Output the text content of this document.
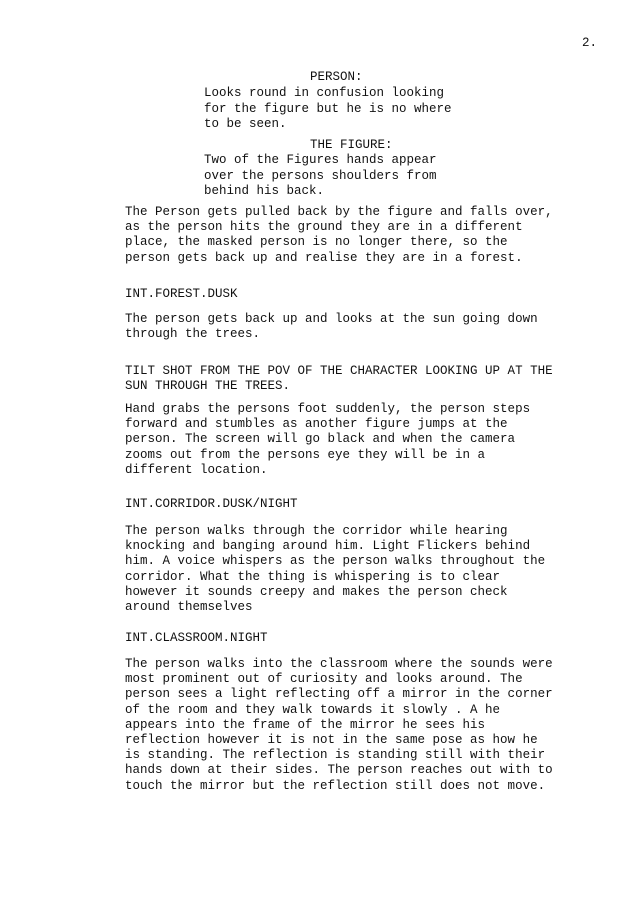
2.
PERSON:
Looks round in confusion looking
for the figure but he is no where
to be seen.
THE FIGURE:
Two of the Figures hands appear
over the persons shoulders from
behind his back.
The Person gets pulled back by the figure and falls over,
as the person hits the ground they are in a different
place, the masked person is no longer there, so the
person gets back up and realise they are in a forest.
INT.FOREST.DUSK
The person gets back up and looks at the sun going down
through the trees.
TILT SHOT FROM THE POV OF THE CHARACTER LOOKING UP AT THE
SUN THROUGH THE TREES.
Hand grabs the persons foot suddenly, the person steps
forward and stumbles as another figure jumps at the
person. The screen will go black and when the camera
zooms out from the persons eye they will be in a
different location.
INT.CORRIDOR.DUSK/NIGHT
The person walks through the corridor while hearing
knocking and banging around him. Light Flickers behind
him. A voice whispers as the person walks throughout the
corridor. What the thing is whispering is to clear
however it sounds creepy and makes the person check
around themselves
INT.CLASSROOM.NIGHT
The person walks into the classroom where the sounds were
most prominent out of curiosity and looks around. The
person sees a light reflecting off a mirror in the corner
of the room and they walk towards it slowly . A he
appears into the frame of the mirror he sees his
reflection however it is not in the same pose as how he
is standing. The reflection is standing still with their
hands down at their sides. The person reaches out with to
touch the mirror but the reflection still does not move.
